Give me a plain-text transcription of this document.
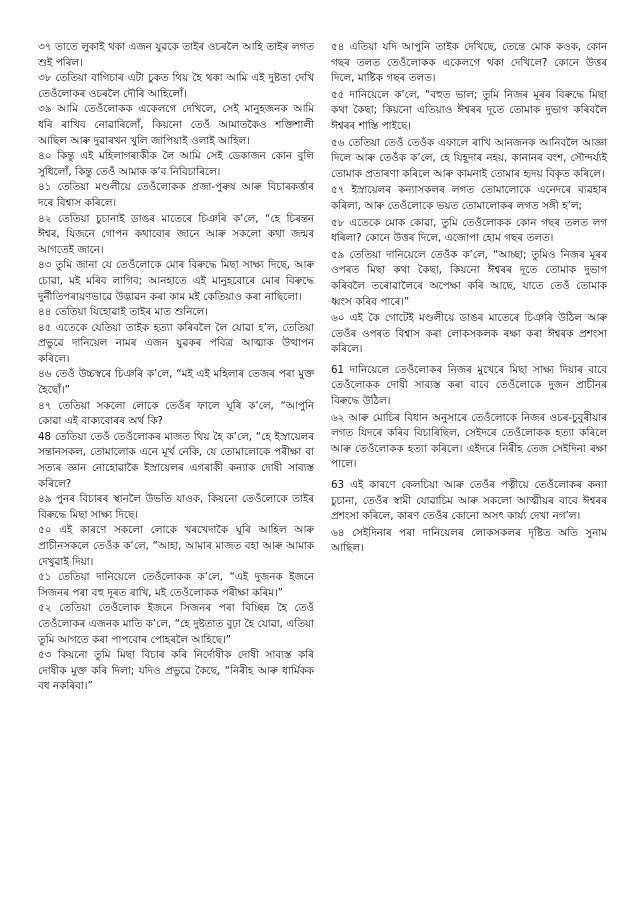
৩৭ তাতে লুকাই থকা এজন যুৱকে তাইৰ ওচৰলৈ আহি তাইৰ লগত শুই পৰিল।

৩৮ তেতিয়া বাগিচাৰ এটা চুকত থিয় হৈ থকা আমি এই দুষ্টতা দেখি তেওঁলোকৰ ওচৰলৈ দৌৰি আহিলোঁ।

৩৯ আমি তেওঁলোকক একেলগে দেখিলে, সেই মানুহজনক আমি ধৰি ৰাখিব নোৱাৰিলোঁ, কিয়নো তেওঁ আমাতকৈও শক্তিশালী আছিল আৰু দুৱাৰখন খুলি জাপিয়াই ওলাই আহিল।

৪০ কিন্তু এই মহিলাগৰাকীক লৈ আমি সেই ডেকাজন কোন বুলি সুধিলোঁ, কিন্তু তেওঁ আমাক ক’ব নিবিচাৰিলে।

৪১ তেতিয়া মণ্ডলীয়ে তেওঁলোকক প্ৰজা-পুৰুষ আৰু বিচাৰকৰ্ত্তাৰ দৰে বিশ্বাস কৰিলে।

৪২ তেতিয়া চুচানাই ডাঙৰ মাতেৰে চিঞৰি ক’লে, “হে চিৰন্তন ঈশ্বৰ, যিজনে গোপন কথাবোৰ জানে আৰু সকলো কথা জন্মৰ আগতেই জানে।

৪৩ তুমি জানা যে তেওঁলোকে মোৰ বিৰুদ্ধে মিছা সাক্ষ্য দিছে, আৰু চোৱা, মই মৰিব লাগিব; আনহাতে এই মানুহবোৰে মোৰ বিৰুদ্ধে দুৰ্নীতিপৰায়ণভাৱে উদ্ভাৱন কৰা কাম মই কেতিয়াও কৰা নাছিলো।

৪৪ তেতিয়া যিহোৱাই তাইৰ মাত শুনিলে।

৪৫ এতেকে যেতিয়া তাইক হত্যা কৰিবলৈ লৈ যোৱা হ’ল, তেতিয়া প্ৰভুৱে দানিয়েল নামৰ এজন যুৱকৰ পবিত্ৰ আত্মাক উত্থাপন কৰিলে।

৪৬ তেওঁ উচ্চস্বৰে চিঞৰি ক’লে, “মই এই মহিলাৰ তেজৰ পৰা মুক্ত হৈছোঁ।”

৪৭ তেতিয়া সকলো লোকে তেওঁৰ ফালে ঘূৰি ক’লে, “আপুনি কোৱা এই বাক্যবোৰৰ অৰ্থ কি?

48 তেতিয়া তেওঁ তেওঁলোকৰ মাজত থিয় হৈ ক’লে, “হে ইস্ৰায়েলৰ সন্তানসকল, তোমালোক এনে মূৰ্খ নেকি, যে তোমালোকে পৰীক্ষা বা সত্যৰ জ্ঞান নোহোৱাকৈ ইস্ৰায়েলৰ এগৰাকী কন্যাক দোষী সাব্যস্ত কৰিলে?

৪৯ পুনৰ বিচাৰৰ স্থানলৈ উভতি যাওক, কিয়নো তেওঁলোকে তাইৰ বিৰুদ্ধে মিছা সাক্ষ্য দিছে।

৫০ এই কাৰণে সকলো লোকে খৰখেদাকৈ ঘূৰি আহিল আৰু প্ৰাচীনসকলে তেওঁক ক’লে, “আহা, আমাৰ মাজত বহা আৰু আমাক দেখুৱাই দিয়া।

৫১ তেতিয়া দানিয়েলে তেওঁলোকক ক’লে, “এই দুজনক ইজনে সিজনৰ পৰা বহু দূৰত ৰাখি, মই তেওঁলোকক পৰীক্ষা কৰিম।”

৫২ তেতিয়া তেওঁলোক ইজনে সিজনৰ পৰা বিচ্ছিন্ন হৈ তেওঁ তেওঁলোকৰ এজনক মাতি ক’লে, “হে দুষ্টতাত বুঢ়া হৈ যোৱা, এতিয়া তুমি আগতে কৰা পাপবোৰ পোহৰলৈ আহিছে।”

৫৩ কিয়নো তুমি মিছা বিচাৰ কৰি নিৰ্দোষীক দোষী সাব্যস্ত কৰি দোষীক মুক্ত কৰি দিলা; যদিও প্ৰভুৱে কৈছে, “নিৰীহ আৰু ধাৰ্মিকক বধ নকৰিবা।”

৫৪ এতিয়া যদি আপুনি তাইক দেখিছে, তেন্তে মোক কওক, কোন গছৰ তলত তেওঁলোকক একেলগে থকা দেখিলে? কোনে উত্তৰ দিলে, মাষ্টিক গছৰ তলত।

৫৫ দানিয়েলে ক’লে, “বহুত ভাল; তুমি নিজৰ মূৰৰ বিৰুদ্ধে মিছা কথা কৈছা; কিয়নো এতিয়াও ঈশ্বৰৰ দূতে তোমাক দুভাগ কৰিবলৈ ঈশ্বৰৰ শাস্তি পাইছে।

৫৬ তেতিয়া তেওঁ তেওঁক এফালে ৰাখি আনজনক আনিবলৈ আজ্ঞা দিলে আৰু তেওঁক ক’লে, হে যিহূদাৰ নহয়, কানানৰ বংশ, সৌন্দৰ্য্যই তোমাক প্ৰতাৰণা কৰিলে আৰু কামনাই তোমাৰ হৃদয় বিকৃত কৰিলে।

৫৭ ইস্ৰায়েলৰ কন্যাসকলৰ লগত তোমালোকে এনেদৰে ব্যৱহাৰ কৰিলা, আৰু তেওঁলোকে ভয়ত তোমালোকৰ লগত সঙ্গী হ’ল;

৫৮ এতেকে মোক কোৱা, তুমি তেওঁলোকক কোন গছৰ তলত লগ ধৰিলা? কোনে উত্তৰ দিলে, এজোপা হোম গছৰ তলত।

৫৯ তেতিয়া দানিয়েলে তেওঁক ক’লে, “আচ্ছা; তুমিও নিজৰ মূৰৰ ওপৰত মিছা কথা কৈছা, কিয়নো ঈশ্বৰৰ দূতে তোমাক দুভাগ কৰিবলৈ তৰোৱালৈৰে অপেক্ষা কৰি আছে, যাতে তেওঁ তোমাক ধ্বংস কৰিব পাৰে।”

৬০ এই কৈ গোটেই মণ্ডলীয়ে ডাঙৰ মাতেৰে চিঞৰি উঠিল আৰু তেওঁৰ ওপৰত বিশ্বাস কৰা লোকসকলক ৰক্ষা কৰা ঈশ্বৰক প্ৰশংসা কৰিলে।

61 দানিয়েলে তেওঁলোকৰ নিজৰ মুখেৰে মিছা সাক্ষ্য দিয়াৰ বাবে তেওঁলোকক দোষী সাব্যস্ত কৰা বাবে তেওঁলোকে দুজন প্ৰাচীনৰ বিৰুদ্ধে উঠিল।

৬২ আৰু মোচিৰ বিধান অনুসাৰে তেওঁলোকে নিজৰ ওচৰ-চুবুৰীয়াৰ লগত যিদৰে কৰিব বিচাৰিছিল, সেইদৰে তেওঁলোকক হত্যা কৰিলে আৰু তেওঁলোকক হত্যা কৰিলে। এইদৰে নিৰীহ তেজ সেইদিনা ৰক্ষা পালে।

63 এই কাৰণে কেলচিয়া আৰু তেওঁৰ পত্নীয়ে তেওঁলোকৰ কন্যা চুচানা, তেওঁৰ স্বামী যোৱাচিম আৰু সকলো আত্মীয়ৰ বাবে ঈশ্বৰৰ প্ৰশংসা কৰিলে, কাৰণ তেওঁৰ কোনো অসৎ কাৰ্য্য দেখা নগ’ল।

৬৪ সেইদিনাৰ পৰা দানিয়েলৰ লোকসকলৰ দৃষ্টিত অতি সুনাম আছিল।
